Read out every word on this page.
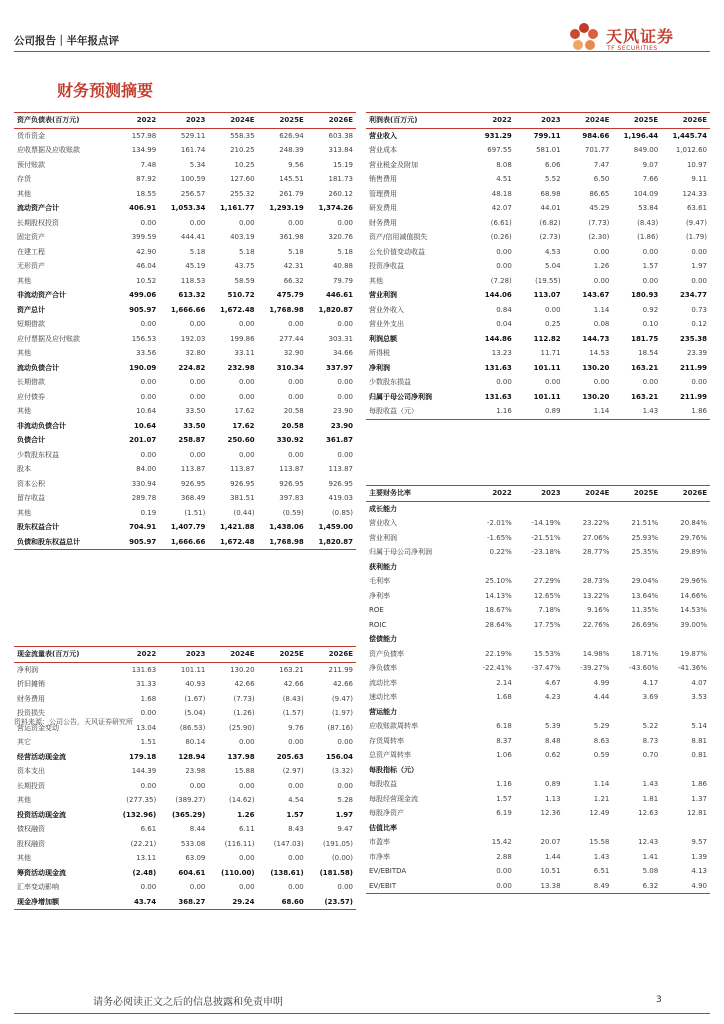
公司报告｜半年报点评	天风证券
TF SECURITIES
财务预测摘要
资产负债表(百万元)	2022	2023	2024E	2025E	2026E
货币资金	157.98	529.11	558.35	626.94	603.38
应收票据及应收账款	134.99	161.74	210.25	248.39	313.84
预付账款	7.48	5.34	10.25	9.56	15.19
存货	87.92	100.59	127.60	145.51	181.73
其他	18.55	256.57	255.32	261.79	260.12
流动资产合计	406.91	1,053.34	1,161.77	1,293.19	1,374.26
长期股权投资	0.00	0.00	0.00	0.00	0.00
固定资产	399.59	444.41	403.19	361.98	320.76
在建工程	42.90	5.18	5.18	5.18	5.18
无形资产	46.04	45.19	43.75	42.31	40.88
其他	10.52	118.53	58.59	66.32	79.79
非流动资产合计	499.06	613.32	510.72	475.79	446.61
资产总计	905.97	1,666.66	1,672.48	1,768.98	1,820.87
短期借款	0.00	0.00	0.00	0.00	0.00
应付票据及应付账款	156.53	192.03	199.86	277.44	303.31
其他	33.56	32.80	33.11	32.90	34.66
流动负债合计	190.09	224.82	232.98	310.34	337.97
长期借款	0.00	0.00	0.00	0.00	0.00
应付债券	0.00	0.00	0.00	0.00	0.00
其他	10.64	33.50	17.62	20.58	23.90
非流动负债合计	10.64	33.50	17.62	20.58	23.90
负债合计	201.07	258.87	250.60	330.92	361.87
少数股东权益	0.00	0.00	0.00	0.00	0.00
股本	84.00	113.87	113.87	113.87	113.87
资本公积	330.94	926.95	926.95	926.95	926.95
留存收益	289.78	368.49	381.51	397.83	419.03
其他	0.19	(1.51)	(0.44)	(0.59)	(0.85)
股东权益合计	704.91	1,407.79	1,421.88	1,438.06	1,459.00
负债和股东权益总计	905.97	1,666.66	1,672.48	1,768.98	1,820.87
利润表(百万元)	2022	2023	2024E	2025E	2026E
营业收入	931.29	799.11	984.66	1,196.44	1,445.74
营业成本	697.55	581.01	701.77	849.00	1,012.60
营业税金及附加	8.08	6.06	7.47	9.07	10.97
销售费用	4.51	5.52	6.50	7.66	9.11
管理费用	48.18	68.98	86.65	104.09	124.33
研发费用	42.07	44.01	45.29	53.84	63.61
财务费用	(6.61)	(6.82)	(7.73)	(8.43)	(9.47)
资产/信用减值损失	(0.26)	(2.73)	(2.30)	(1.86)	(1.79)
公允价值变动收益	0.00	4.53	0.00	0.00	0.00
投资净收益	0.00	5.04	1.26	1.57	1.97
其他	(7.28)	(19.55)	0.00	0.00	0.00
营业利润	144.06	113.07	143.67	180.93	234.77
营业外收入	0.84	0.00	1.14	0.92	0.73
营业外支出	0.04	0.25	0.08	0.10	0.12
利润总额	144.86	112.82	144.73	181.75	235.38
所得税	13.23	11.71	14.53	18.54	23.39
净利润	131.63	101.11	130.20	163.21	211.99
少数股东损益	0.00	0.00	0.00	0.00	0.00
归属于母公司净利润	131.63	101.11	130.20	163.21	211.99
每股收益（元）	1.16	0.89	1.14	1.43	1.86
主要财务比率	2022	2023	2024E	2025E	2026E
成长能力					
营业收入	-2.01%	-14.19%	23.22%	21.51%	20.84%
营业利润	-1.65%	-21.51%	27.06%	25.93%	29.76%
归属于母公司净利润	0.22%	-23.18%	28.77%	25.35%	29.89%
获利能力					
毛利率	25.10%	27.29%	28.73%	29.04%	29.96%
净利率	14.13%	12.65%	13.22%	13.64%	14.66%
ROE	18.67%	7.18%	9.16%	11.35%	14.53%
ROIC	28.64%	17.75%	22.76%	26.69%	39.00%
偿债能力					
资产负债率	22.19%	15.53%	14.98%	18.71%	19.87%
净负债率	-22.41%	-37.47%	-39.27%	-43.60%	-41.36%
流动比率	2.14	4.67	4.99	4.17	4.07
速动比率	1.68	4.23	4.44	3.69	3.53
营运能力					
应收账款周转率	6.18	5.39	5.29	5.22	5.14
存货周转率	8.37	8.48	8.63	8.73	8.81
总资产周转率	1.06	0.62	0.59	0.70	0.81
每股指标（元）					
每股收益	1.16	0.89	1.14	1.43	1.86
每股经营现金流	1.57	1.13	1.21	1.81	1.37
每股净资产	6.19	12.36	12.49	12.63	12.81
估值比率					
市盈率	15.42	20.07	15.58	12.43	9.57
市净率	2.88	1.44	1.43	1.41	1.39
EV/EBITDA	0.00	10.51	6.51	5.08	4.13
EV/EBIT	0.00	13.38	8.49	6.32	4.90
现金流量表(百万元)	2022	2023	2024E	2025E	2026E
净利润	131.63	101.11	130.20	163.21	211.99
折旧摊销	31.33	40.93	42.66	42.66	42.66
财务费用	1.68	(1.67)	(7.73)	(8.43)	(9.47)
投资损失	0.00	(5.04)	(1.26)	(1.57)	(1.97)
营运资金变动	13.04	(86.53)	(25.90)	9.76	(87.16)
其它	1.51	80.14	0.00	0.00	0.00
经营活动现金流	179.18	128.94	137.98	205.63	156.04
资本支出	144.39	23.98	15.88	(2.97)	(3.32)
长期投资	0.00	0.00	0.00	0.00	0.00
其他	(277.35)	(389.27)	(14.62)	4.54	5.28
投资活动现金流	(132.96)	(365.29)	1.26	1.57	1.97
债权融资	6.61	8.44	6.11	8.43	9.47
股权融资	(22.21)	533.08	(116.11)	(147.03)	(191.05)
其他	13.11	63.09	0.00	0.00	(0.00)
筹资活动现金流	(2.48)	604.61	(110.00)	(138.61)	(181.58)
汇率变动影响	0.00	0.00	0.00	0.00	0.00
现金净增加额	43.74	368.27	29.24	68.60	(23.57)
资料来源：公司公告，天风证券研究所
请务必阅读正文之后的信息披露和免责申明	3
